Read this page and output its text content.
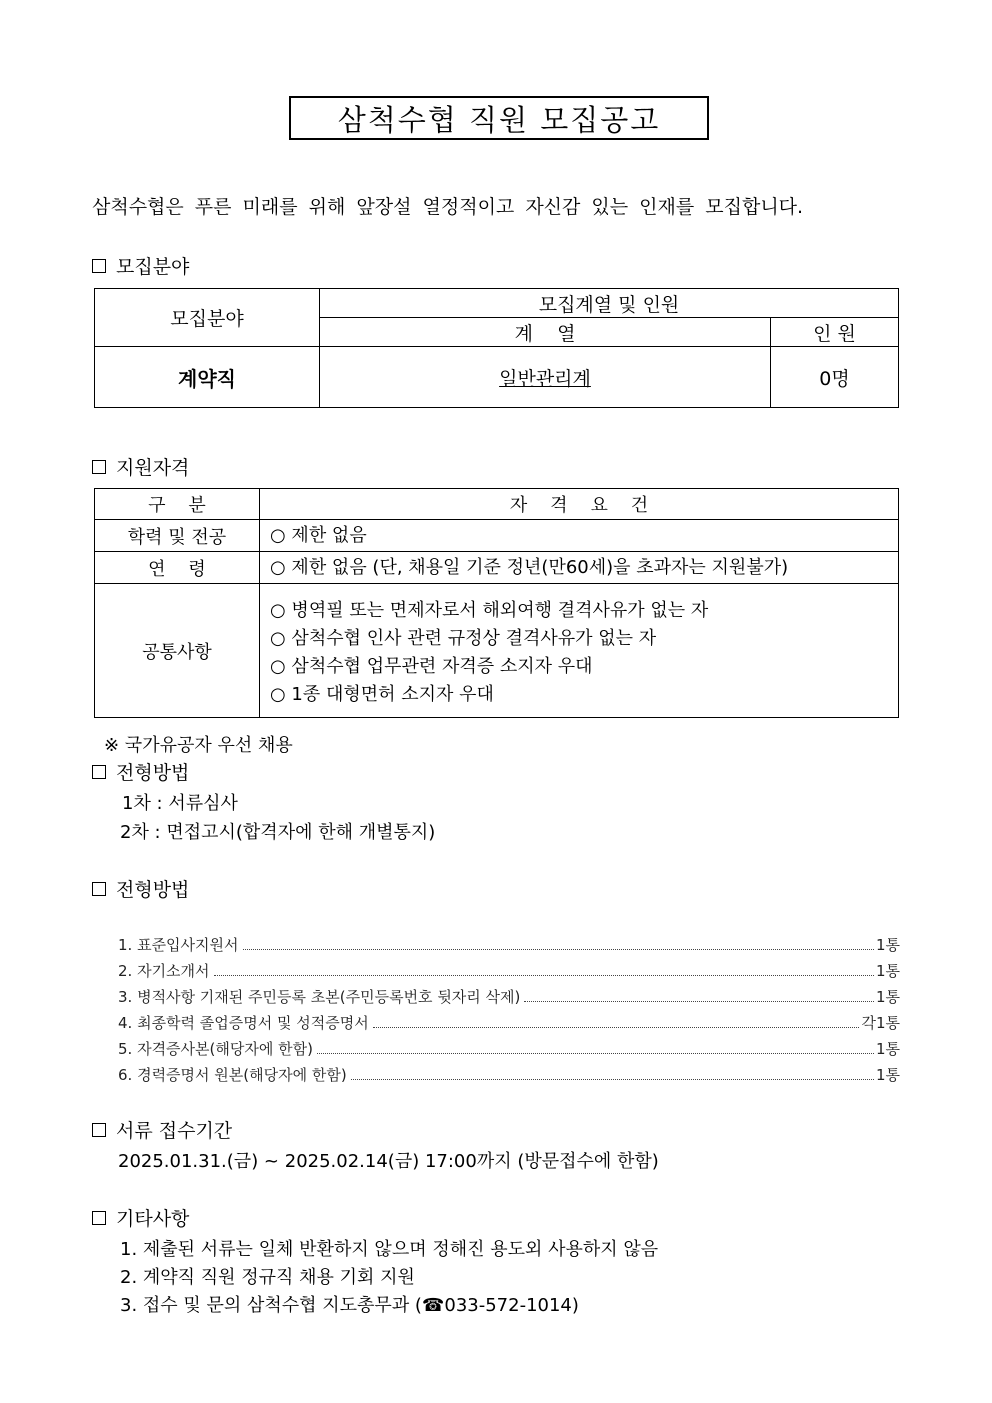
삼척수협 직원 모집공고
삼척수협은 푸른 미래를 위해 앞장설 열정적이고 자신감 있는 인재를 모집합니다.
모집분야
모집분야	모집계열 및 인원	
	계    열	인 원
계약직	일반관리계	0명
지원자격
구    분	자    격    요    건
학력 및 전공	○ 제한 없음

연    령	○ 제한 없음 (단, 채용일 기준 정년(만60세)을 초과자는 지원불가)

공통사항	○ 병역필 또는 면제자로서 해외여행 결격사유가 없는 자
○ 삼척수협 인사 관련 규정상 결격사유가 없는 자
○ 삼척수협 업무관련 자격증 소지자 우대
○ 1종 대형면허 소지자 우대
※ 국가유공자 우선 채용
전형방법
1차 : 서류심사
2차 : 면접고시(합격자에 한해 개별통지)
전형방법
1. 표준입사지원서	1통
2. 자기소개서	1통
3. 병적사항 기재된 주민등록 초본(주민등록번호 뒷자리 삭제)	1통
4. 최종학력 졸업증명서 및 성적증명서	각1통
5. 자격증사본(해당자에 한함)	1통
6. 경력증명서 원본(해당자에 한함)	1통
서류 접수기간
2025.01.31.(금) ~ 2025.02.14(금) 17:00까지 (방문접수에 한함)
기타사항
1. 제출된 서류는 일체 반환하지 않으며 정해진 용도외 사용하지 않음
2. 계약직 직원 정규직 채용 기회 지원
3. 접수 및 문의 삼척수협 지도총무과 (☎033-572-1014)
